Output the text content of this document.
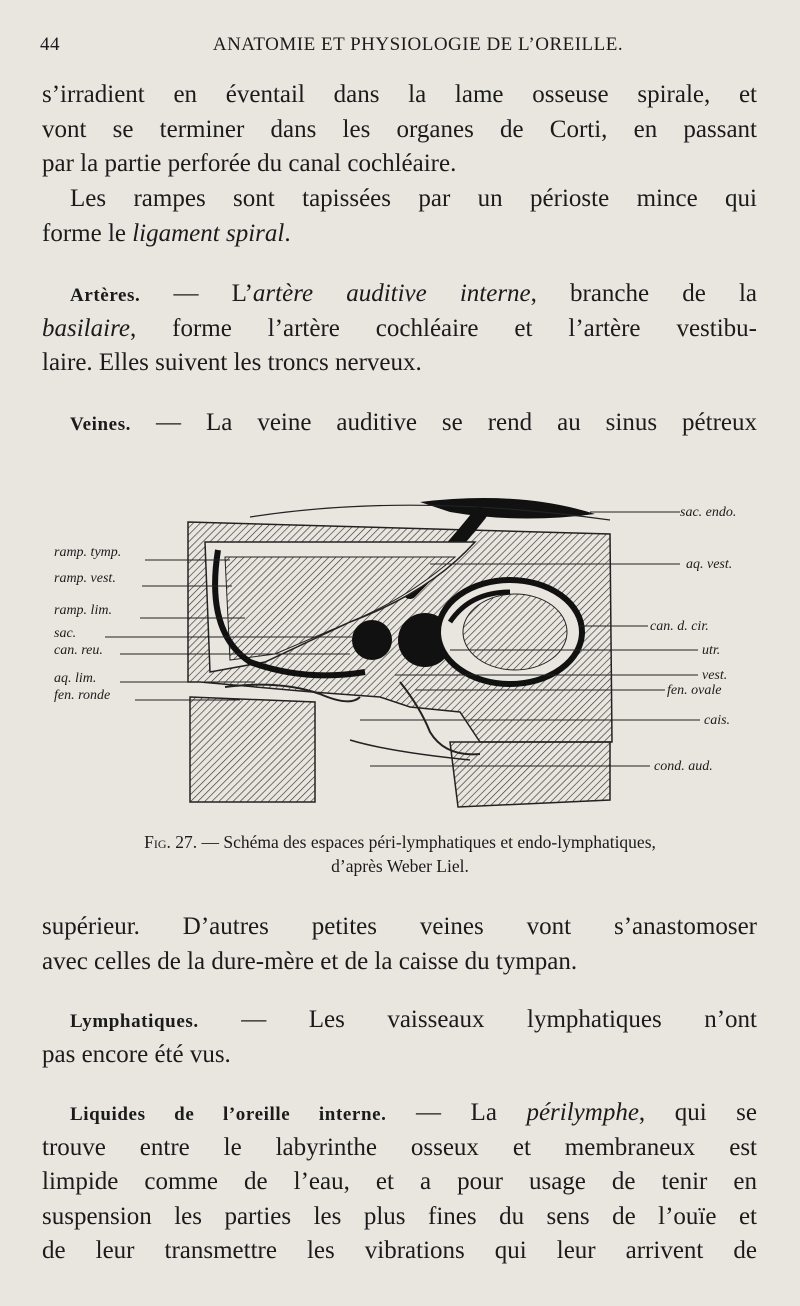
44	ANATOMIE ET PHYSIOLOGIE DE L’OREILLE.
s’irradient en éventail dans la lame osseuse spirale, et
vont se terminer dans les organes de Corti, en passant
par la partie perforée du canal cochléaire.
Les rampes sont tapissées par un périoste mince qui
forme le ligament spiral.
Artères. — L’artère auditive interne, branche de la
basilaire, forme l’artère cochléaire et l’artère vestibu-
laire. Elles suivent les troncs nerveux.
Veines. — La veine auditive se rend au sinus pétreux
ramp. tymp.
ramp. vest.
ramp. lim.
sac.
can. reu.
aq. lim.
fen. ronde
sac. endo.
aq. vest.
can. d. cir.
utr.
vest.
fen. ovale
cais.
cond. aud.
Fig. 27. — Schéma des espaces péri-lymphatiques et endo-lymphatiques,
d’après Weber Liel.
supérieur. D’autres petites veines vont s’anastomoser
avec celles de la dure-mère et de la caisse du tympan.
Lymphatiques. — Les vaisseaux lymphatiques n’ont
pas encore été vus.
Liquides de l’oreille interne. — La périlymphe, qui se
trouve entre le labyrinthe osseux et membraneux est
limpide comme de l’eau, et a pour usage de tenir en
suspension les parties les plus fines du sens de l’ouïe et
de leur transmettre les vibrations qui leur arrivent de
